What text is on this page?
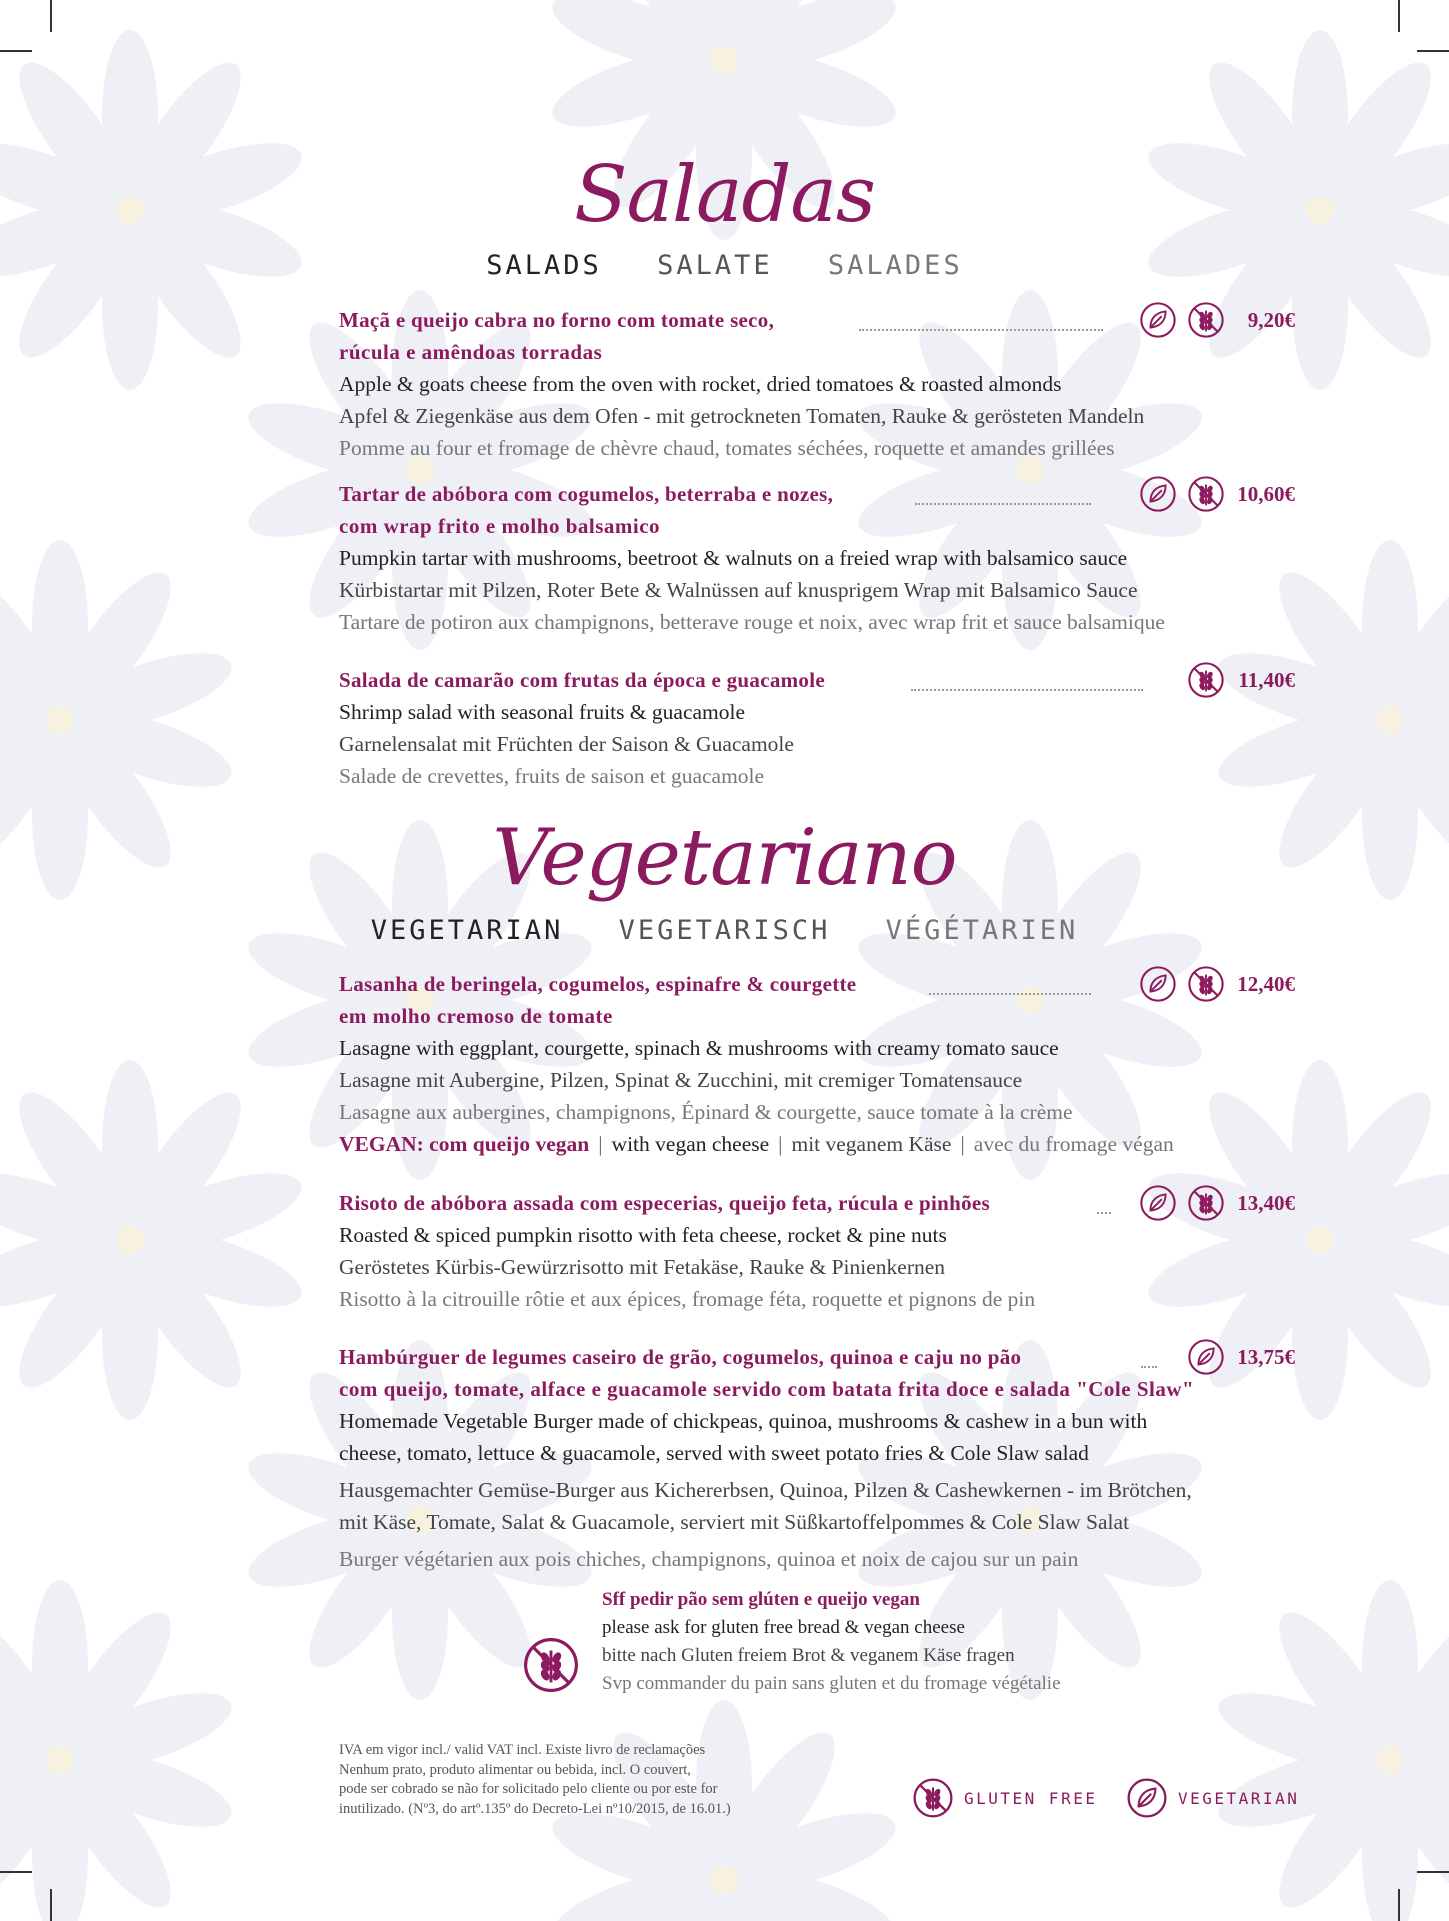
Saladas
SALADS SALATE SALADES
Maçã e queijo cabra no forno com tomate seco,	9,20€
rúcula e amêndoas torradas
Apple & goats cheese from the oven with rocket, dried tomatoes & roasted almonds
Apfel & Ziegenkäse aus dem Ofen - mit getrockneten Tomaten, Rauke & gerösteten Mandeln
Pomme au four et fromage de chèvre chaud, tomates séchées, roquette et amandes grillées
Tartar de abóbora com cogumelos, beterraba e nozes,	10,60€
com wrap frito e molho balsamico
Pumpkin tartar with mushrooms, beetroot & walnuts on a freied wrap with balsamico sauce
Kürbistartar mit Pilzen, Roter Bete & Walnüssen auf knusprigem Wrap mit Balsamico Sauce
Tartare de potiron aux champignons, betterave rouge et noix, avec wrap frit et sauce balsamique
Salada de camarão com frutas da época e guacamole	11,40€
Shrimp salad with seasonal fruits & guacamole
Garnelensalat mit Früchten der Saison & Guacamole
Salade de crevettes, fruits de saison et guacamole
Vegetariano
VEGETARIAN VEGETARISCH VÉGÉTARIEN
Lasanha de beringela, cogumelos, espinafre & courgette	12,40€
em molho cremoso de tomate
Lasagne with eggplant, courgette, spinach & mushrooms with creamy tomato sauce
Lasagne mit Aubergine, Pilzen, Spinat & Zucchini, mit cremiger Tomatensauce
Lasagne aux aubergines, champignons, Épinard & courgette, sauce tomate à la crème
VEGAN: com queijo vegan | with vegan cheese | mit veganem Käse | avec du fromage végan
Risoto de abóbora assada com especerias, queijo feta, rúcula e pinhões	13,40€
Roasted & spiced pumpkin risotto with feta cheese, rocket & pine nuts
Geröstetes Kürbis-Gewürzrisotto mit Fetakäse, Rauke & Pinienkernen
Risotto à la citrouille rôtie et aux épices, fromage féta, roquette et pignons de pin
Hambúrguer de legumes caseiro de grão, cogumelos, quinoa e caju no pão	13,75€
com queijo, tomate, alface e guacamole servido com batata frita doce e salada "Cole Slaw"
Homemade Vegetable Burger made of chickpeas, quinoa, mushrooms & cashew in a bun with
cheese, tomato, lettuce & guacamole, served with sweet potato fries & Cole Slaw salad
Hausgemachter Gemüse-Burger aus Kichererbsen, Quinoa, Pilzen & Cashewkernen - im Brötchen,
mit Käse, Tomate, Salat & Guacamole, serviert mit Süßkartoffelpommes & Cole Slaw Salat
Burger végétarien aux pois chiches, champignons, quinoa et noix de cajou sur un pain
Sff pedir pão sem glúten e queijo vegan
please ask for gluten free bread & vegan cheese
bitte nach Gluten freiem Brot & veganem Käse fragen
Svp commander du pain sans gluten et du fromage végétalie
IVA em vigor incl./ valid VAT incl. Existe livro de reclamações
Nenhum prato, produto alimentar ou bebida, incl. O couvert,
pode ser cobrado se não for solicitado pelo cliente ou por este for
inutilizado. (Nº3, do artº.135º do Decreto-Lei nº10/2015, de 16.01.)
GLUTEN FREE	VEGETARIAN
